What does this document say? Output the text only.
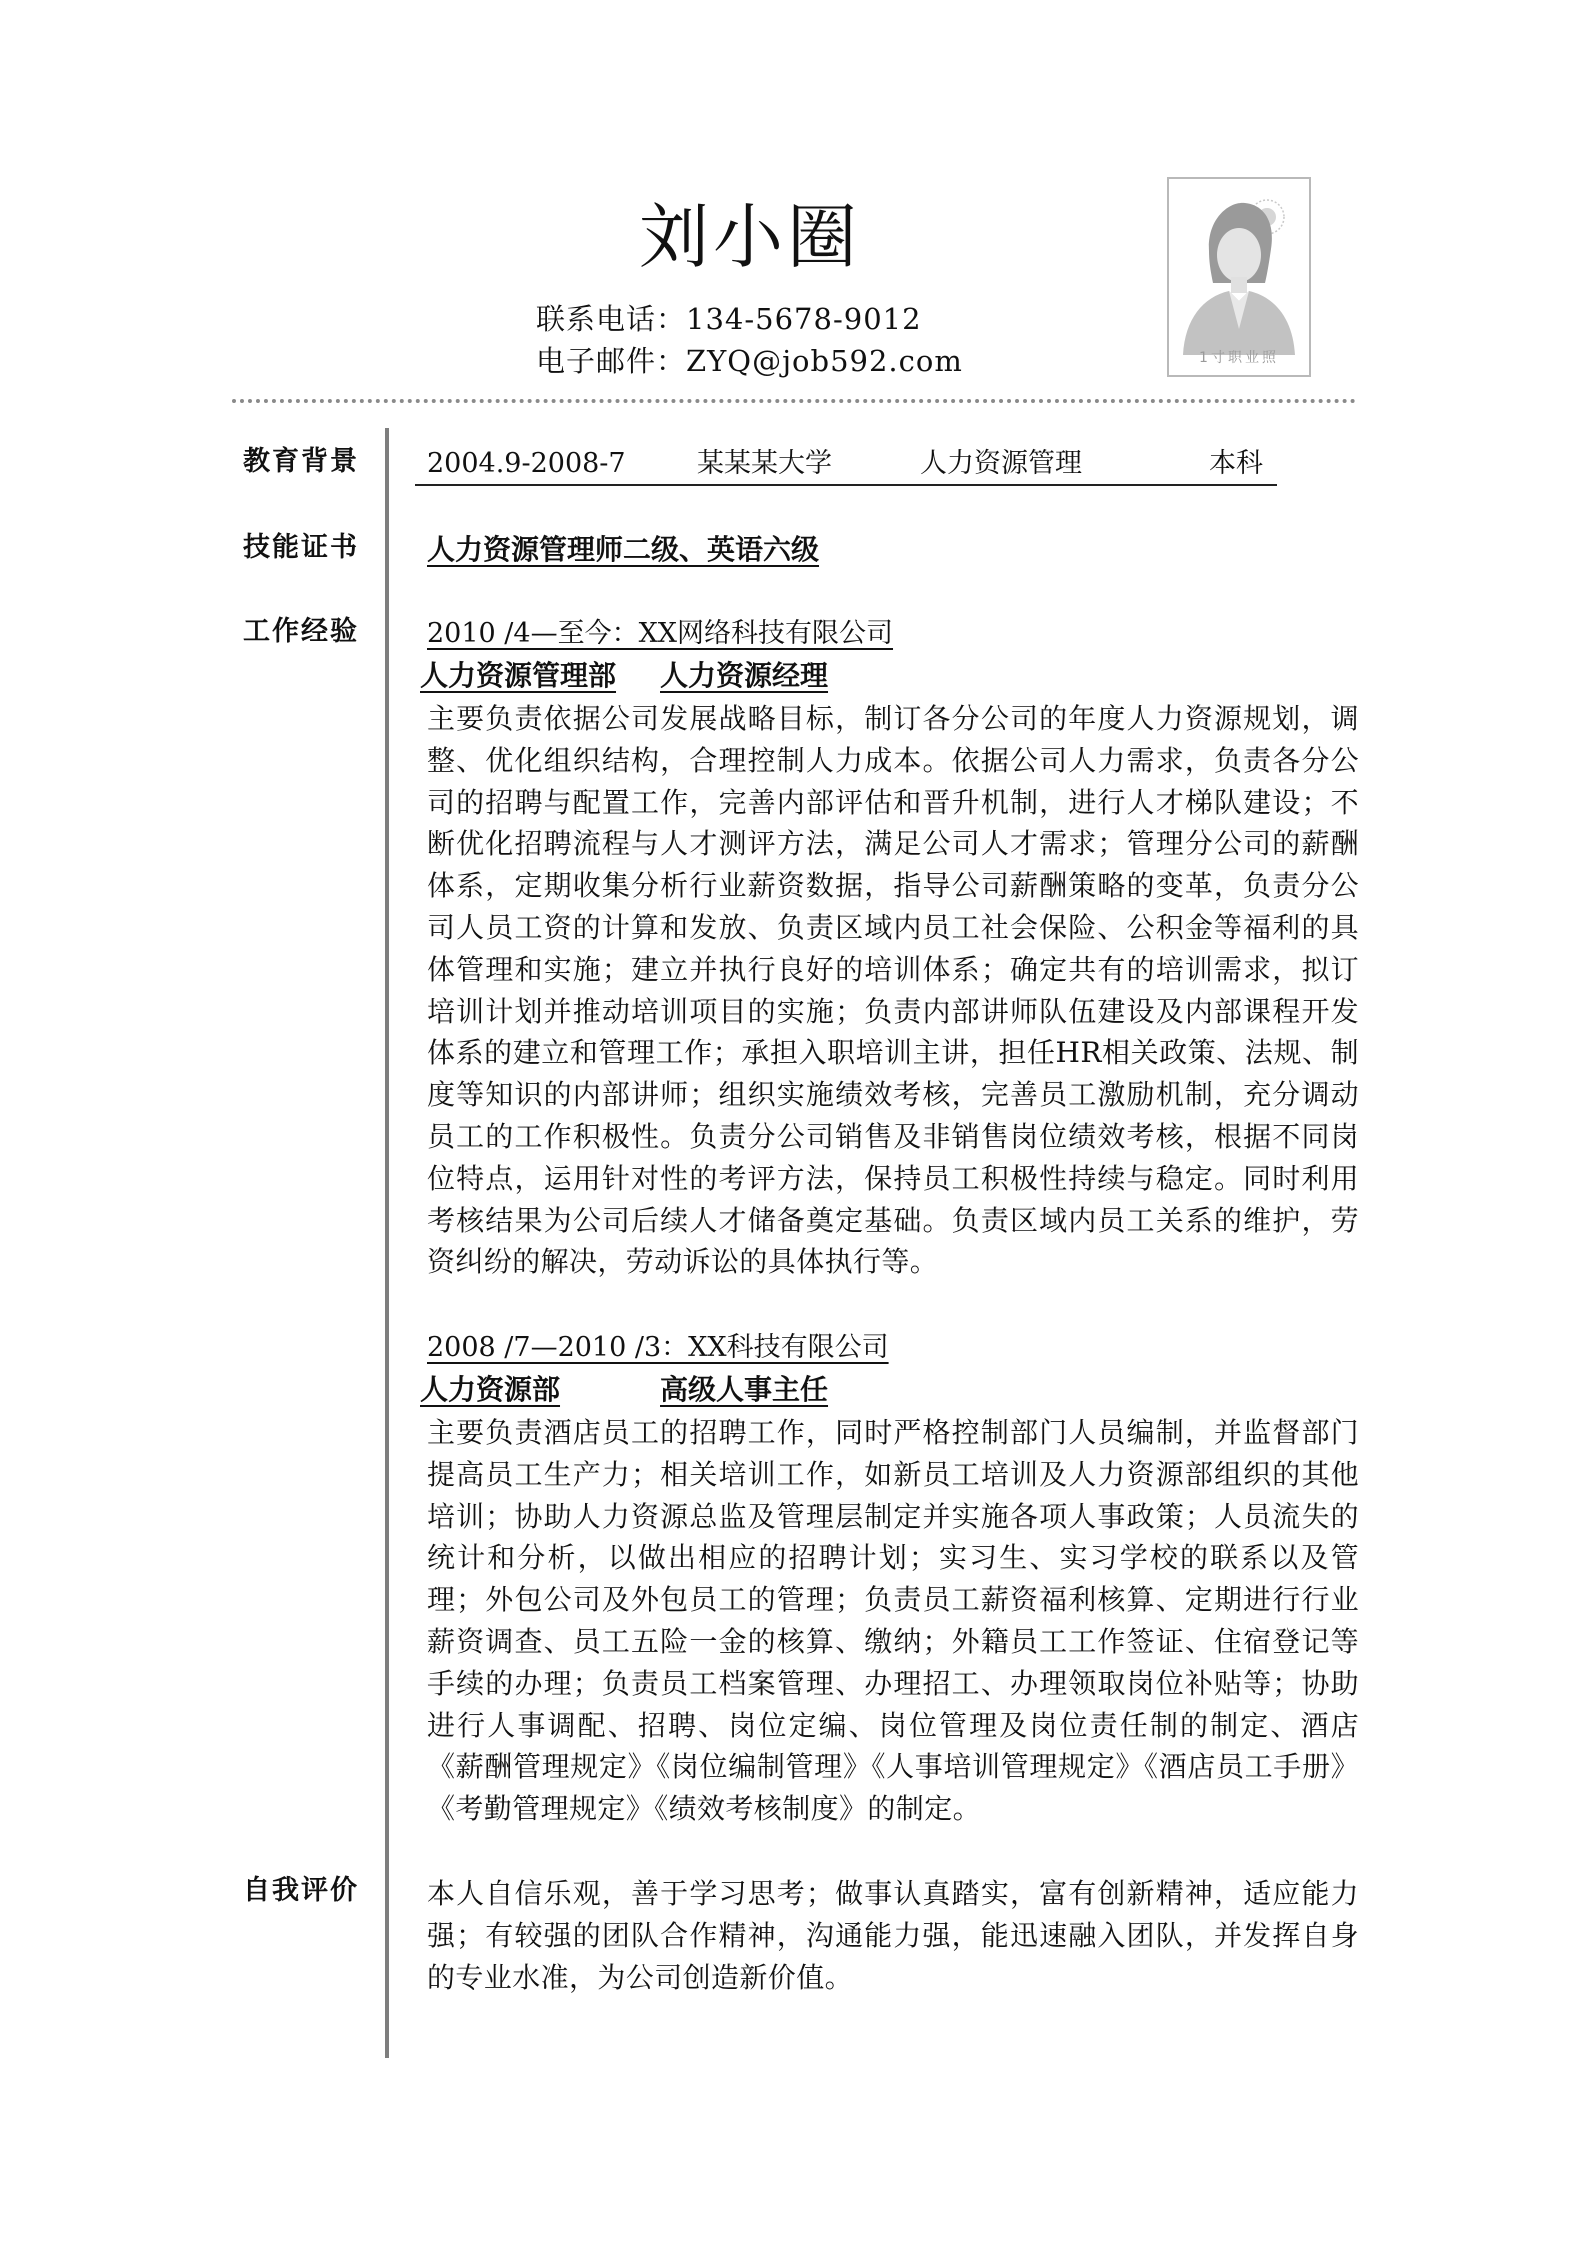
刘小圈
联系电话：134-5678-9012
电子邮件：ZYQ@job592.com	1寸职业照
教育背景	2004.9-2008-7	某某某大学	人力资源管理	本科
技能证书	人力资源管理师二级、英语六级
工作经验	2010 /4—至今：XX网络科技有限公司
人力资源管理部 人力资源经理
主要负责依据公司发展战略目标，制订各分公司的年度人力资源规划，调整、优化组织结构，合理控制人力成本。依据公司人力需求，负责各分公司的招聘与配置工作，完善内部评估和晋升机制，进行人才梯队建设；不断优化招聘流程与人才测评方法，满足公司人才需求；管理分公司的薪酬体系，定期收集分析行业薪资数据，指导公司薪酬策略的变革，负责分公司人员工资的计算和发放、负责区域内员工社会保险、公积金等福利的具体管理和实施；建立并执行良好的培训体系；确定共有的培训需求，拟订培训计划并推动培训项目的实施；负责内部讲师队伍建设及内部课程开发体系的建立和管理工作；承担入职培训主讲，担任HR相关政策、法规、制度等知识的内部讲师；组织实施绩效考核，完善员工激励机制，充分调动员工的工作积极性。负责分公司销售及非销售岗位绩效考核，根据不同岗位特点，运用针对性的考评方法，保持员工积极性持续与稳定。同时利用考核结果为公司后续人才储备奠定基础。负责区域内员工关系的维护，劳资纠纷的解决，劳动诉讼的具体执行等。
2008 /7—2010 /3：XX科技有限公司
人力资源部	高级人事主任
主要负责酒店员工的招聘工作，同时严格控制部门人员编制，并监督部门提高员工生产力；相关培训工作，如新员工培训及人力资源部组织的其他培训；协助人力资源总监及管理层制定并实施各项人事政策；人员流失的统计和分析，以做出相应的招聘计划；实习生、实习学校的联系以及管理；外包公司及外包员工的管理；负责员工薪资福利核算、定期进行行业薪资调查、员工五险一金的核算、缴纳；外籍员工工作签证、住宿登记等手续的办理；负责员工档案管理、办理招工、办理领取岗位补贴等；协助进行人事调配、招聘、岗位定编、岗位管理及岗位责任制的制定、酒店《薪酬管理规定》《岗位编制管理》《人事培训管理规定》《酒店员工手册》《考勤管理规定》《绩效考核制度》的制定。
自我评价	本人自信乐观，善于学习思考；做事认真踏实，富有创新精神，适应能力强；有较强的团队合作精神，沟通能力强，能迅速融入团队，并发挥自身的专业水准，为公司创造新价值。
